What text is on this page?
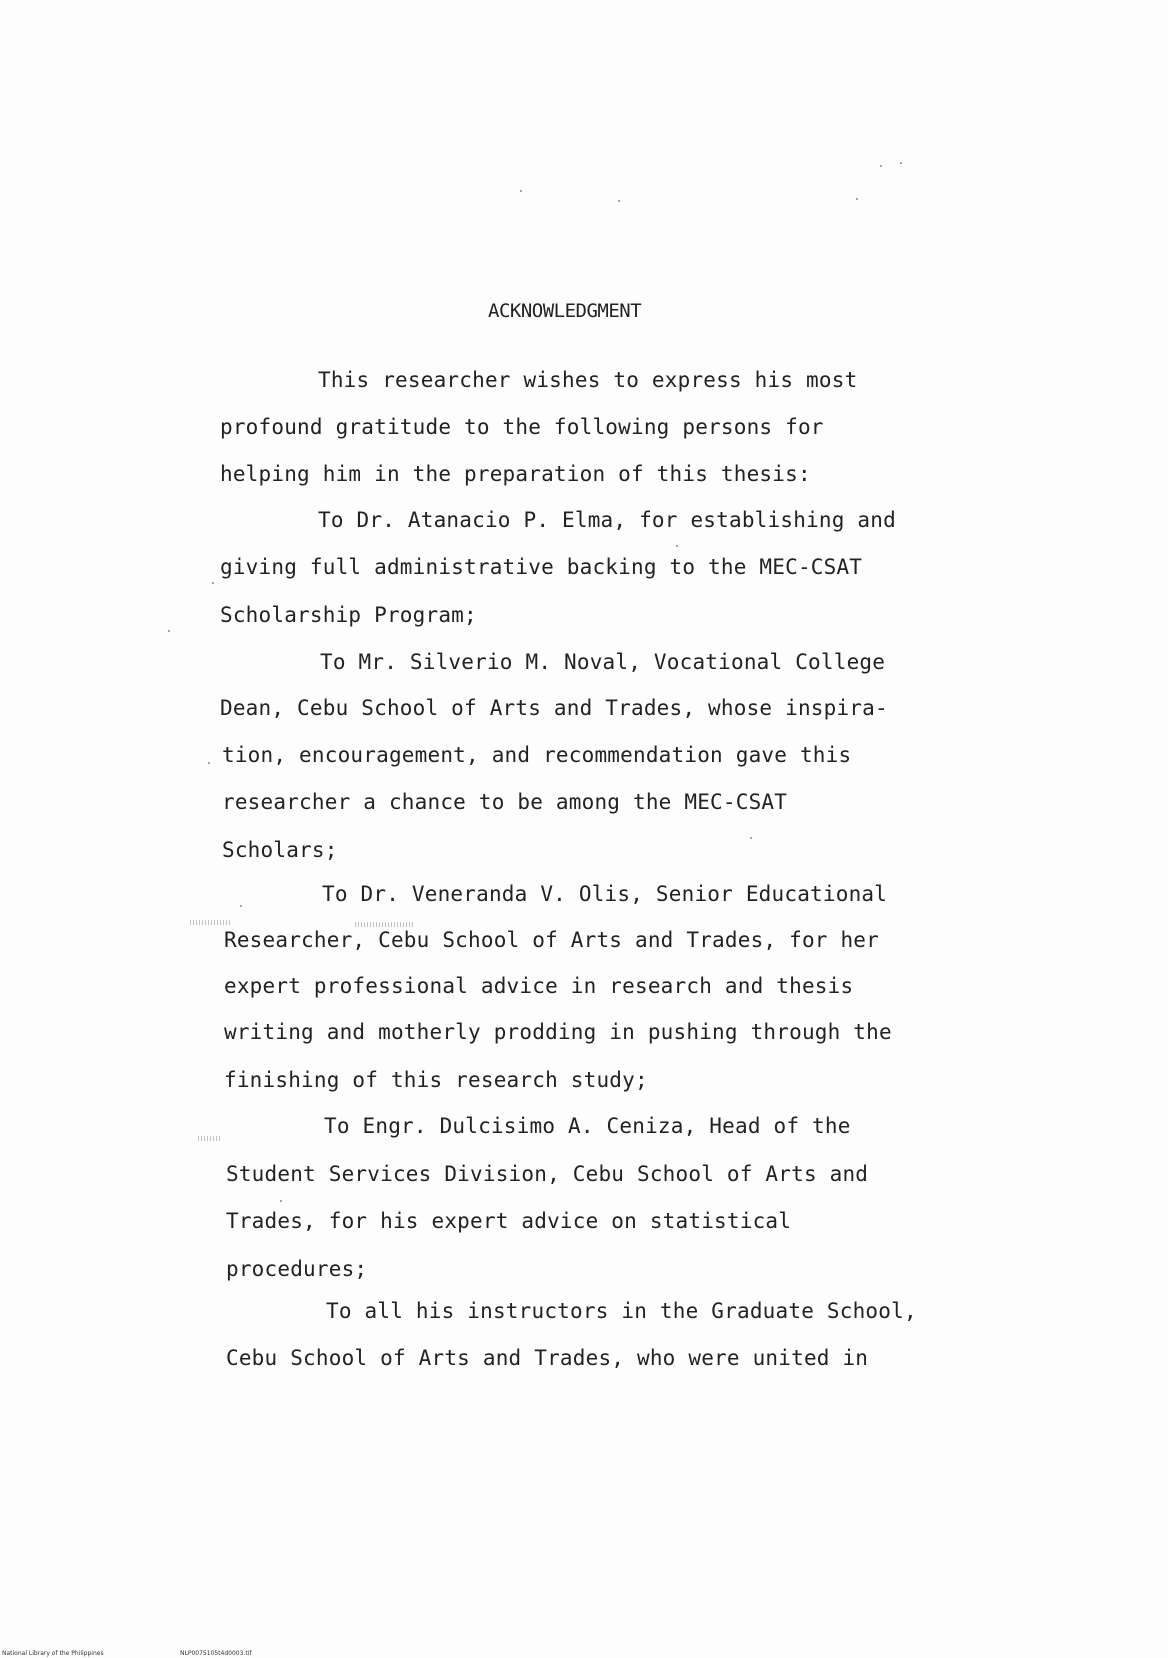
ACKNOWLEDGMENT
This researcher wishes to express his most
profound gratitude to the following persons for
helping him in the preparation of this thesis:
To Dr. Atanacio P. Elma, for establishing and
giving full administrative backing to the MEC-CSAT
Scholarship Program;
To Mr. Silverio M. Noval, Vocational College
Dean, Cebu School of Arts and Trades, whose inspira-
tion, encouragement, and recommendation gave this
researcher a chance to be among the MEC-CSAT
Scholars;
To Dr. Veneranda V. Olis, Senior Educational
Researcher, Cebu School of Arts and Trades, for her
expert professional advice in research and thesis
writing and motherly prodding in pushing through the
finishing of this research study;
To Engr. Dulcisimo A. Ceniza, Head of the
Student Services Division, Cebu School of Arts and
Trades, for his expert advice on statistical
procedures;
To all his instructors in the Graduate School,
Cebu School of Arts and Trades, who were united in
National Library of the Philippines	NLP0075105t4d0003.tif
